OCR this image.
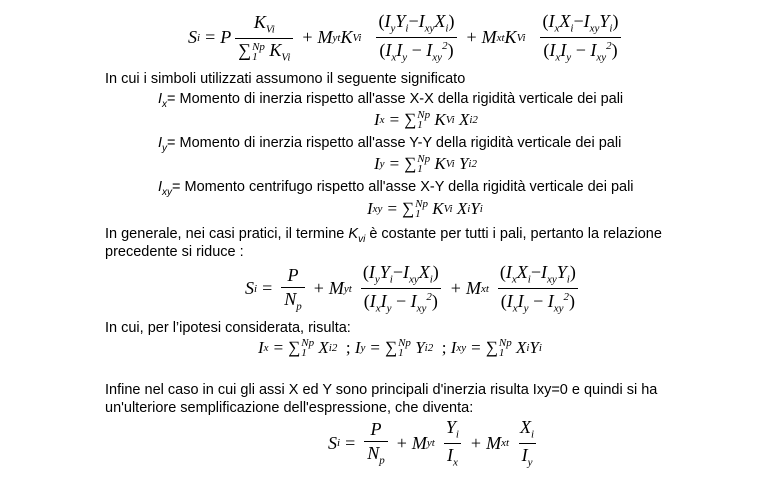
S i = P $K_{Vi}$
∑ Np
1 $K_{Vi} + M$ yt K Vi $\frac{(I_yY_i-I_{xy}X_i)}{(I_xI_y - I_{xy}^2)} + M$ xt K Vi $\frac{(I_xX_i-I_{xy}Y_i)}{(I_xI_y - I_{xy}^2)}$
In cui i simboli utilizzati assumono il seguente significato
$I_x=$ Momento di inerzia rispetto all'asse X-X della rigidità verticale dei pali
I x = ∑ Np
1
K Vi
X i 2
$I_y=$ Momento di inerzia rispetto all'asse Y-Y della rigidità verticale dei pali
I y = ∑ Np
1
K Vi
Y i 2
$I_{xy}=$ Momento centrifugo rispetto all'asse X-Y della rigidità verticale dei pali
I xy = ∑ Np
1
K Vi
X i Y i
In generale, nei casi pratici, il termine $K_{vi}$ è costante per tutti i pali, pertanto la relazione
precedente si riduce :
S $i = \frac{P}{N_p} + M$ yt $\frac{(I_yY_i-I_{xy}X_i)}{(I_xI_y - I_{xy}^2)} + M$ xt $\frac{(I_xX_i-I_{xy}Y_i)}{(I_xI_y - I_{xy}^2)}$
In cui, per l’ipotesi considerata, risulta:
I x = ∑ Np
1
X i 2 ; I y = ∑ Np
1
Y i 2 ; I xy = ∑ Np
1
X i Y i
Infine nel caso in cui gli assi X ed Y sono principali d'inerzia risulta Ixy=0 e quindi si ha
un'ulteriore semplificazione dell'espressione, che diventa:
S $i = \frac{P}{N_p} + M$ yt $\frac{Y_i}{I_x} + M$ xt $\frac{X_i}{I_y}$
